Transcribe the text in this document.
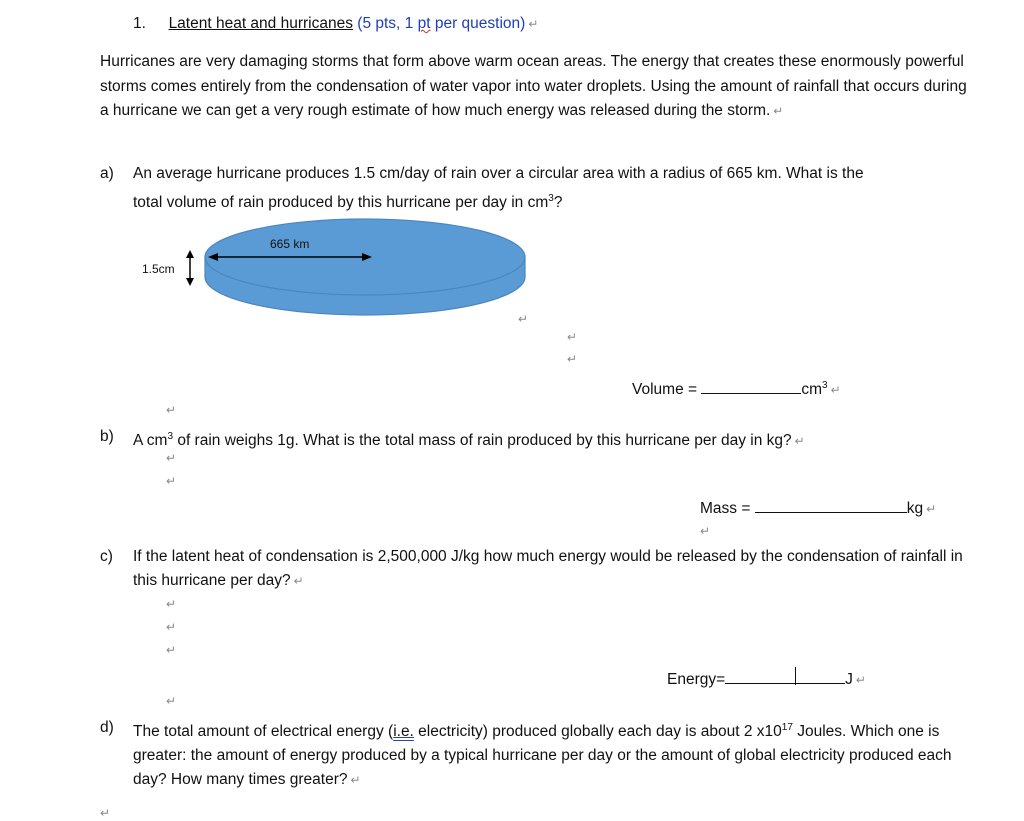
1. Latent heat and hurricanes (5 pts, 1 pt per question) ↵
Hurricanes are very damaging storms that form above warm ocean areas. The energy that creates these enormously powerful storms comes entirely from the condensation of water vapor into water droplets. Using the amount of rainfall that occurs during a hurricane we can get a very rough estimate of how much energy was released during the storm. ↵
a) An average hurricane produces 1.5 cm/day of rain over a circular area with a radius of 665 km. What is the
total volume of rain produced by this hurricane per day in $cm^3$?
665 km
1.5cm
↵
↵
↵
Volume =	$cm^3$ ↵
↵
b) A $cm^3$ of rain weighs 1g. What is the total mass of rain produced by this hurricane per day in kg? ↵
↵
↵
Mass =	kg ↵
↵
c) If the latent heat of condensation is 2,500,000 J/kg how much energy would be released by the condensation of rainfall in this hurricane per day? ↵
↵
↵
↵
Energy=	J ↵
↵
d) The total amount of electrical energy (i.e. electricity) produced globally each day is about 2 $x10^{17}$ Joules. Which one is greater: the amount of energy produced by a typical hurricane per day or the amount of global electricity produced each day? How many times greater? ↵
↵
